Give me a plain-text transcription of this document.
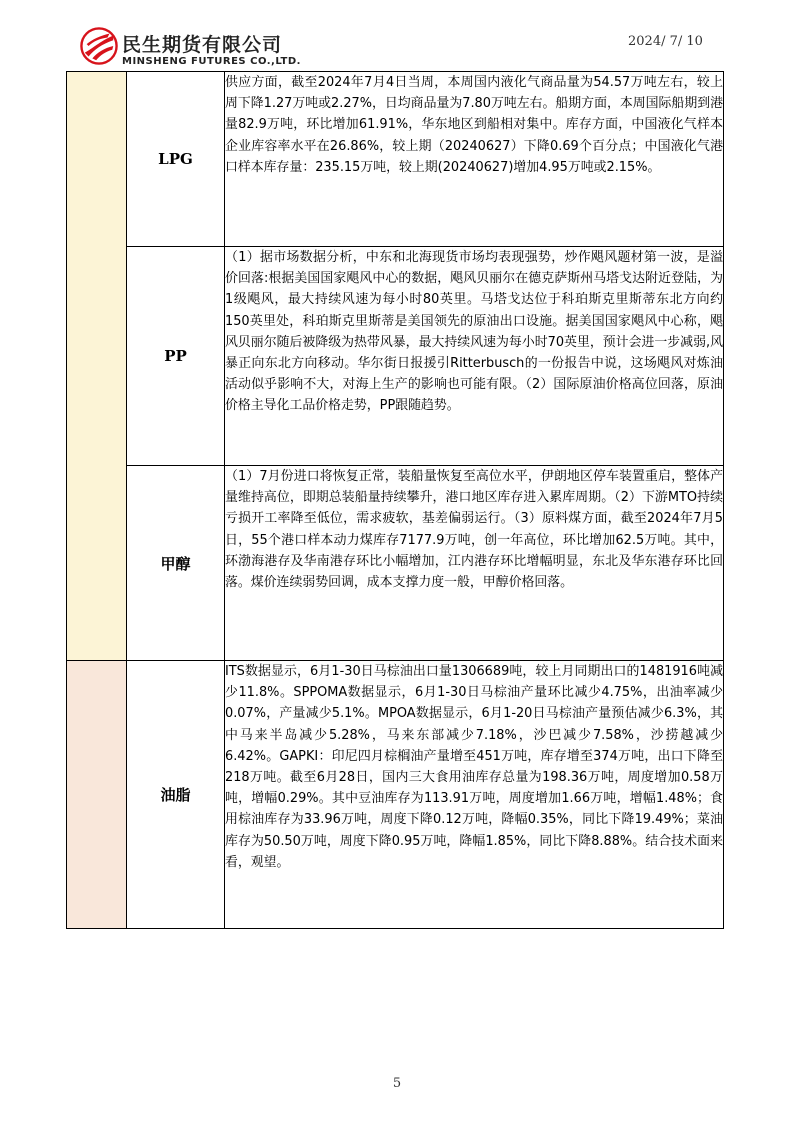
民生期货有限公司
MINSHENG FUTURES CO.,LTD.
2024/ 7/ 10
	LPG	供应方面，截至2024年7月4日当周，本周国内液化气商品量为54.57万吨左右，较上周下降1.27万吨或2.27%，日均商品量为7.80万吨左右。船期方面，本周国际船期到港量82.9万吨，环比增加61.91%，华东地区到船相对集中。库存方面，中国液化气样本企业库容率水平在26.86%，较上期（20240627）下降0.69个百分点；中国液化气港口样本库存量：235.15万吨，较上期(20240627)增加4.95万吨或2.15%。
	PP	（1）据市场数据分析，中东和北海现货市场均表现强势，炒作飓风题材第一波，是溢价回落:根据美国国家飓风中心的数据，飓风贝丽尔在德克萨斯州马塔戈达附近登陆，为1级飓风，最大持续风速为每小时80英里。马塔戈达位于科珀斯克里斯蒂东北方向约150英里处，科珀斯克里斯蒂是美国领先的原油出口设施。据美国国家飓风中心称，飓风贝丽尔随后被降级为热带风暴，最大持续风速为每小时70英里，预计会进一步减弱,风暴正向东北方向移动。华尔街日报援引Ritterbusch的一份报告中说，这场飓风对炼油活动似乎影响不大，对海上生产的影响也可能有限。（2）国际原油价格高位回落，原油价格主导化工品价格走势，PP跟随趋势。
	甲醇	（1）7月份进口将恢复正常，装船量恢复至高位水平，伊朗地区停车装置重启，整体产量维持高位，即期总装船量持续攀升，港口地区库存进入累库周期。（2）下游MTO持续亏损开工率降至低位，需求疲软，基差偏弱运行。（3）原料煤方面，截至2024年7月5日，55个港口样本动力煤库存7177.9万吨，创一年高位，环比增加62.5万吨。其中，环渤海港存及华南港存环比小幅增加，江内港存环比增幅明显，东北及华东港存环比回落。煤价连续弱势回调，成本支撑力度一般，甲醇价格回落。
	油脂	ITS数据显示，6月1-30日马棕油出口量1306689吨，较上月同期出口的1481916吨减少11.8%。SPPOMA数据显示，6月1-30日马棕油产量环比减少4.75%，出油率减少0.07%，产量减少5.1%。MPOA数据显示，6月1-20日马棕油产量预估减少6.3%，其中马来半岛减少5.28%，马来东部减少7.18%，沙巴减少7.58%，沙捞越减少6.42%。GAPKI：印尼四月棕榈油产量增至451万吨，库存增至374万吨，出口下降至218万吨。截至6月28日，国内三大食用油库存总量为198.36万吨，周度增加0.58万吨，增幅0.29%。其中豆油库存为113.91万吨，周度增加1.66万吨，增幅1.48%；食用棕油库存为33.96万吨，周度下降0.12万吨，降幅0.35%，同比下降19.49%；菜油库存为50.50万吨，周度下降0.95万吨，降幅1.85%，同比下降8.88%。结合技术面来看，观望。
5
